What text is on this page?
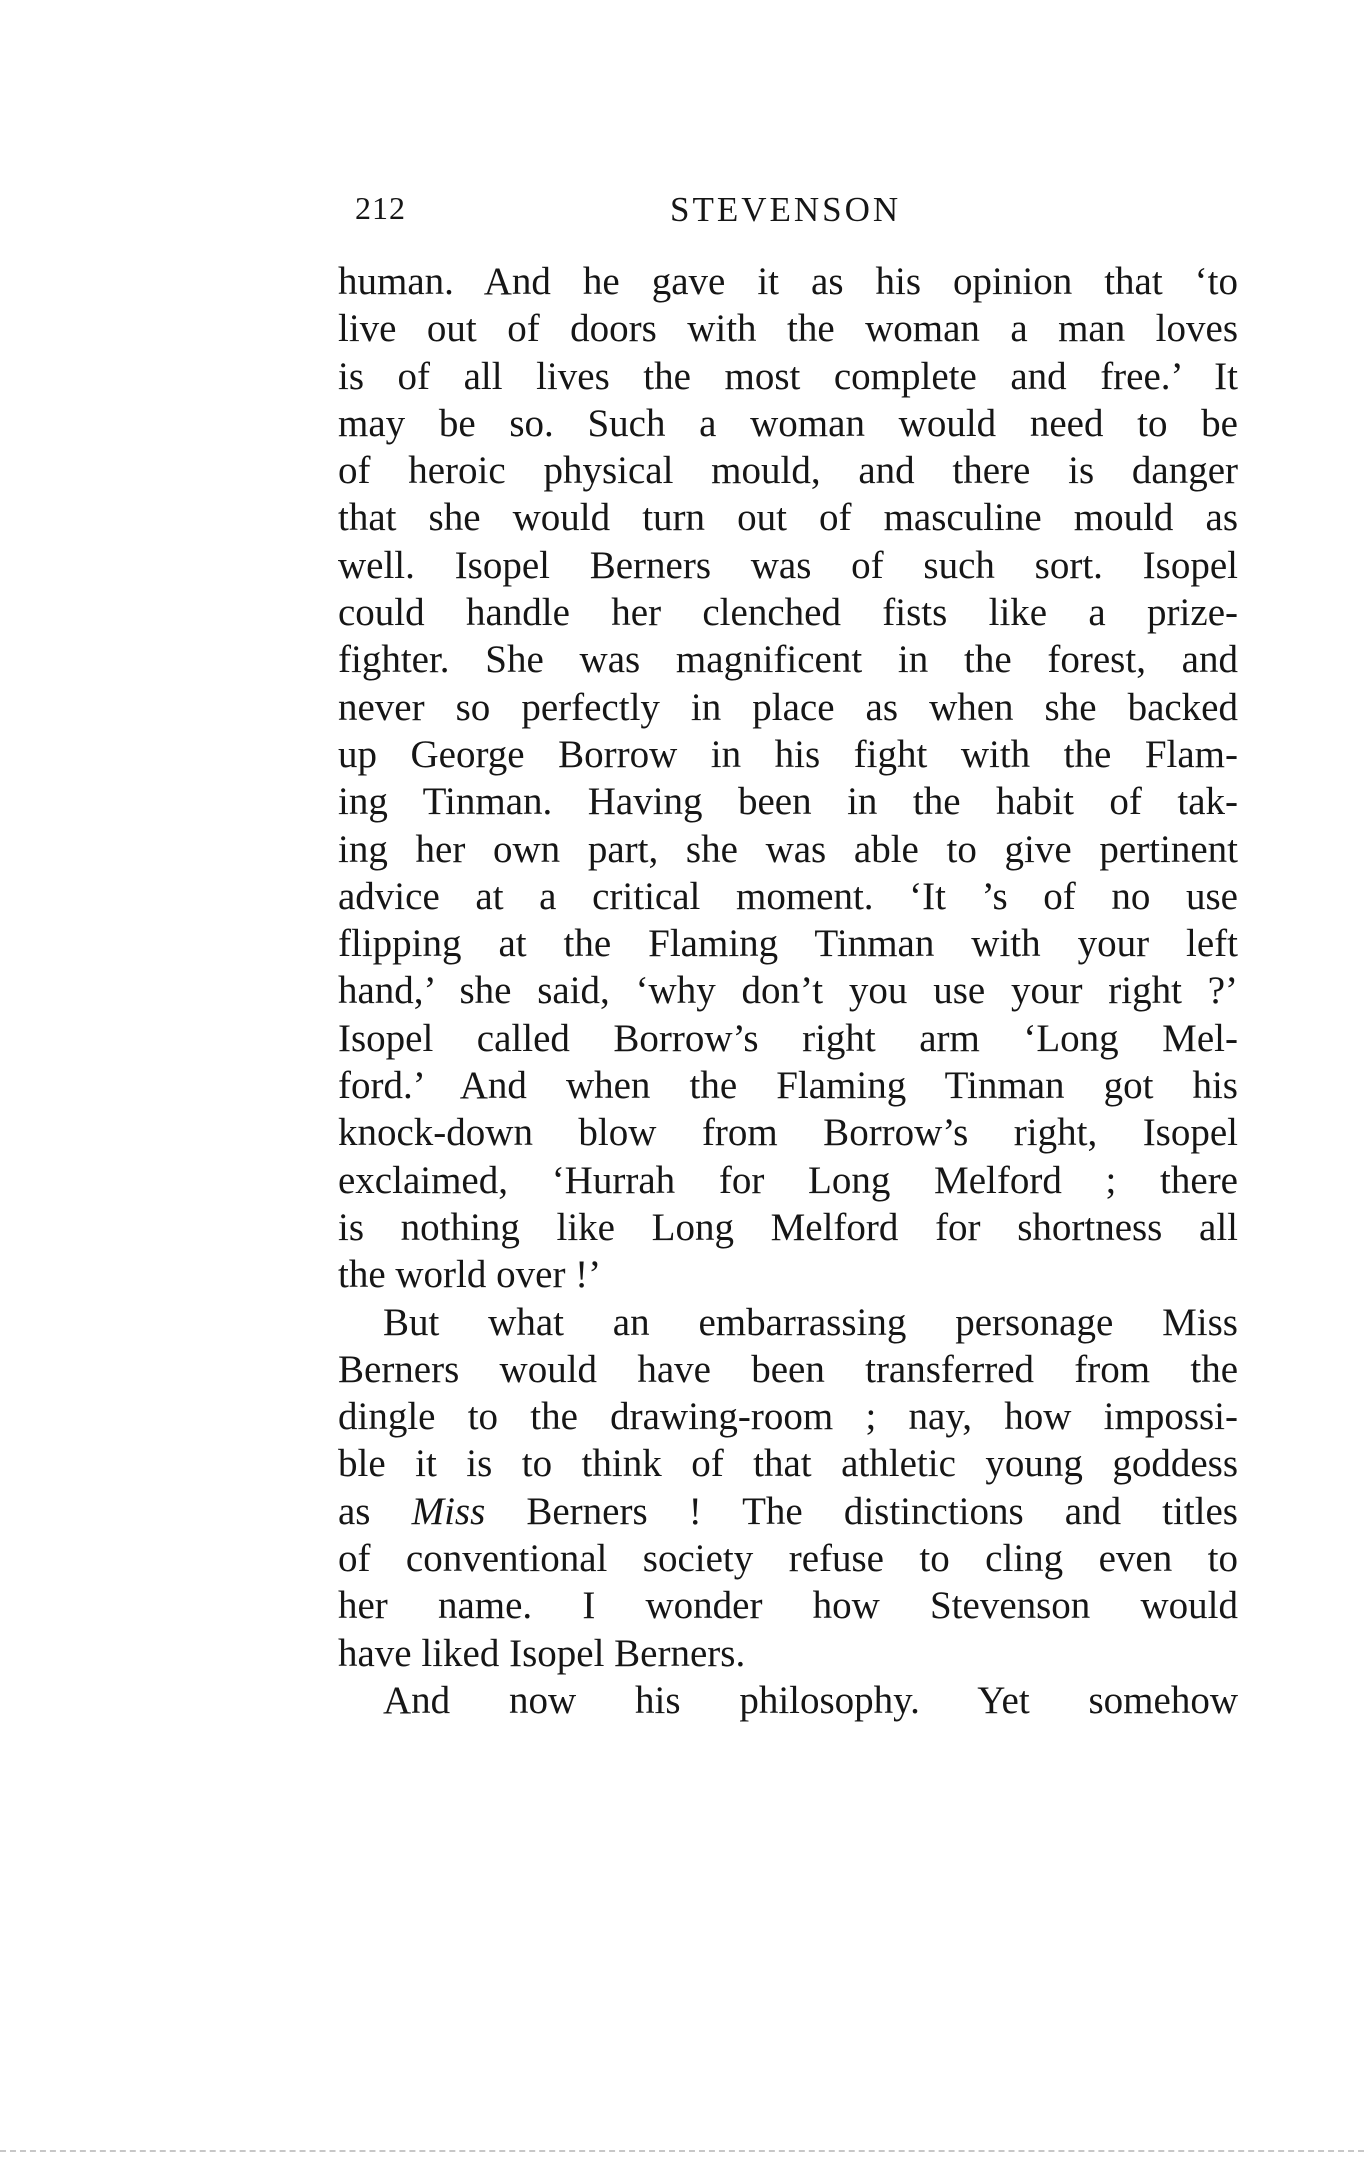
212	STEVENSON
human. And he gave it as his opinion that ‘to
live out of doors with the woman a man loves
is of all lives the most complete and free.’ It
may be so. Such a woman would need to be
of heroic physical mould, and there is danger
that she would turn out of masculine mould as
well. Isopel Berners was of such sort. Isopel
could handle her clenched fists like a prize-
fighter. She was magnificent in the forest, and
never so perfectly in place as when she backed
up George Borrow in his fight with the Flam-
ing Tinman. Having been in the habit of tak-
ing her own part, she was able to give pertinent
advice at a critical moment. ‘It ’s of no use
flipping at the Flaming Tinman with your left
hand,’ she said, ‘why don’t you use your right ?’
Isopel called Borrow’s right arm ‘Long Mel-
ford.’ And when the Flaming Tinman got his
knock-down blow from Borrow’s right, Isopel
exclaimed, ‘Hurrah for Long Melford ; there
is nothing like Long Melford for shortness all
the world over !’
But what an embarrassing personage Miss
Berners would have been transferred from the
dingle to the drawing-room ; nay, how impossi-
ble it is to think of that athletic young goddess
as Miss Berners ! The distinctions and titles
of conventional society refuse to cling even to
her name. I wonder how Stevenson would
have liked Isopel Berners.
And now his philosophy. Yet somehow
